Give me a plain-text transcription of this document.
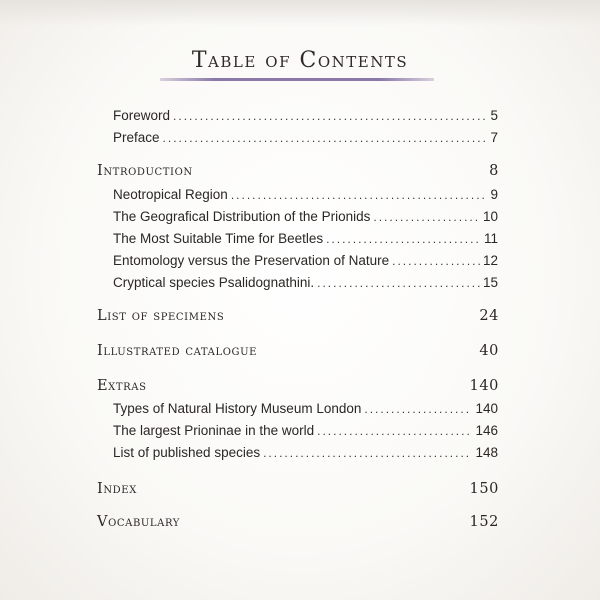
Table of Contents
Foreword .....	5
Preface .....	7
Introduction	8
Neotropical Region .....	9
The Geografical Distribution of the Prionids .....	10
The Most Suitable Time for Beetles .....	11
Entomology versus the Preservation of Nature .....	12
Cryptical species Psalidognathini. .....	15
List of specimens	24
Illustrated catalogue	40
Extras	140
Types of Natural History Museum London .....	140
The largest Prioninae in the world .....	146
List of published species .....	148
Index	150
Vocabulary	152
